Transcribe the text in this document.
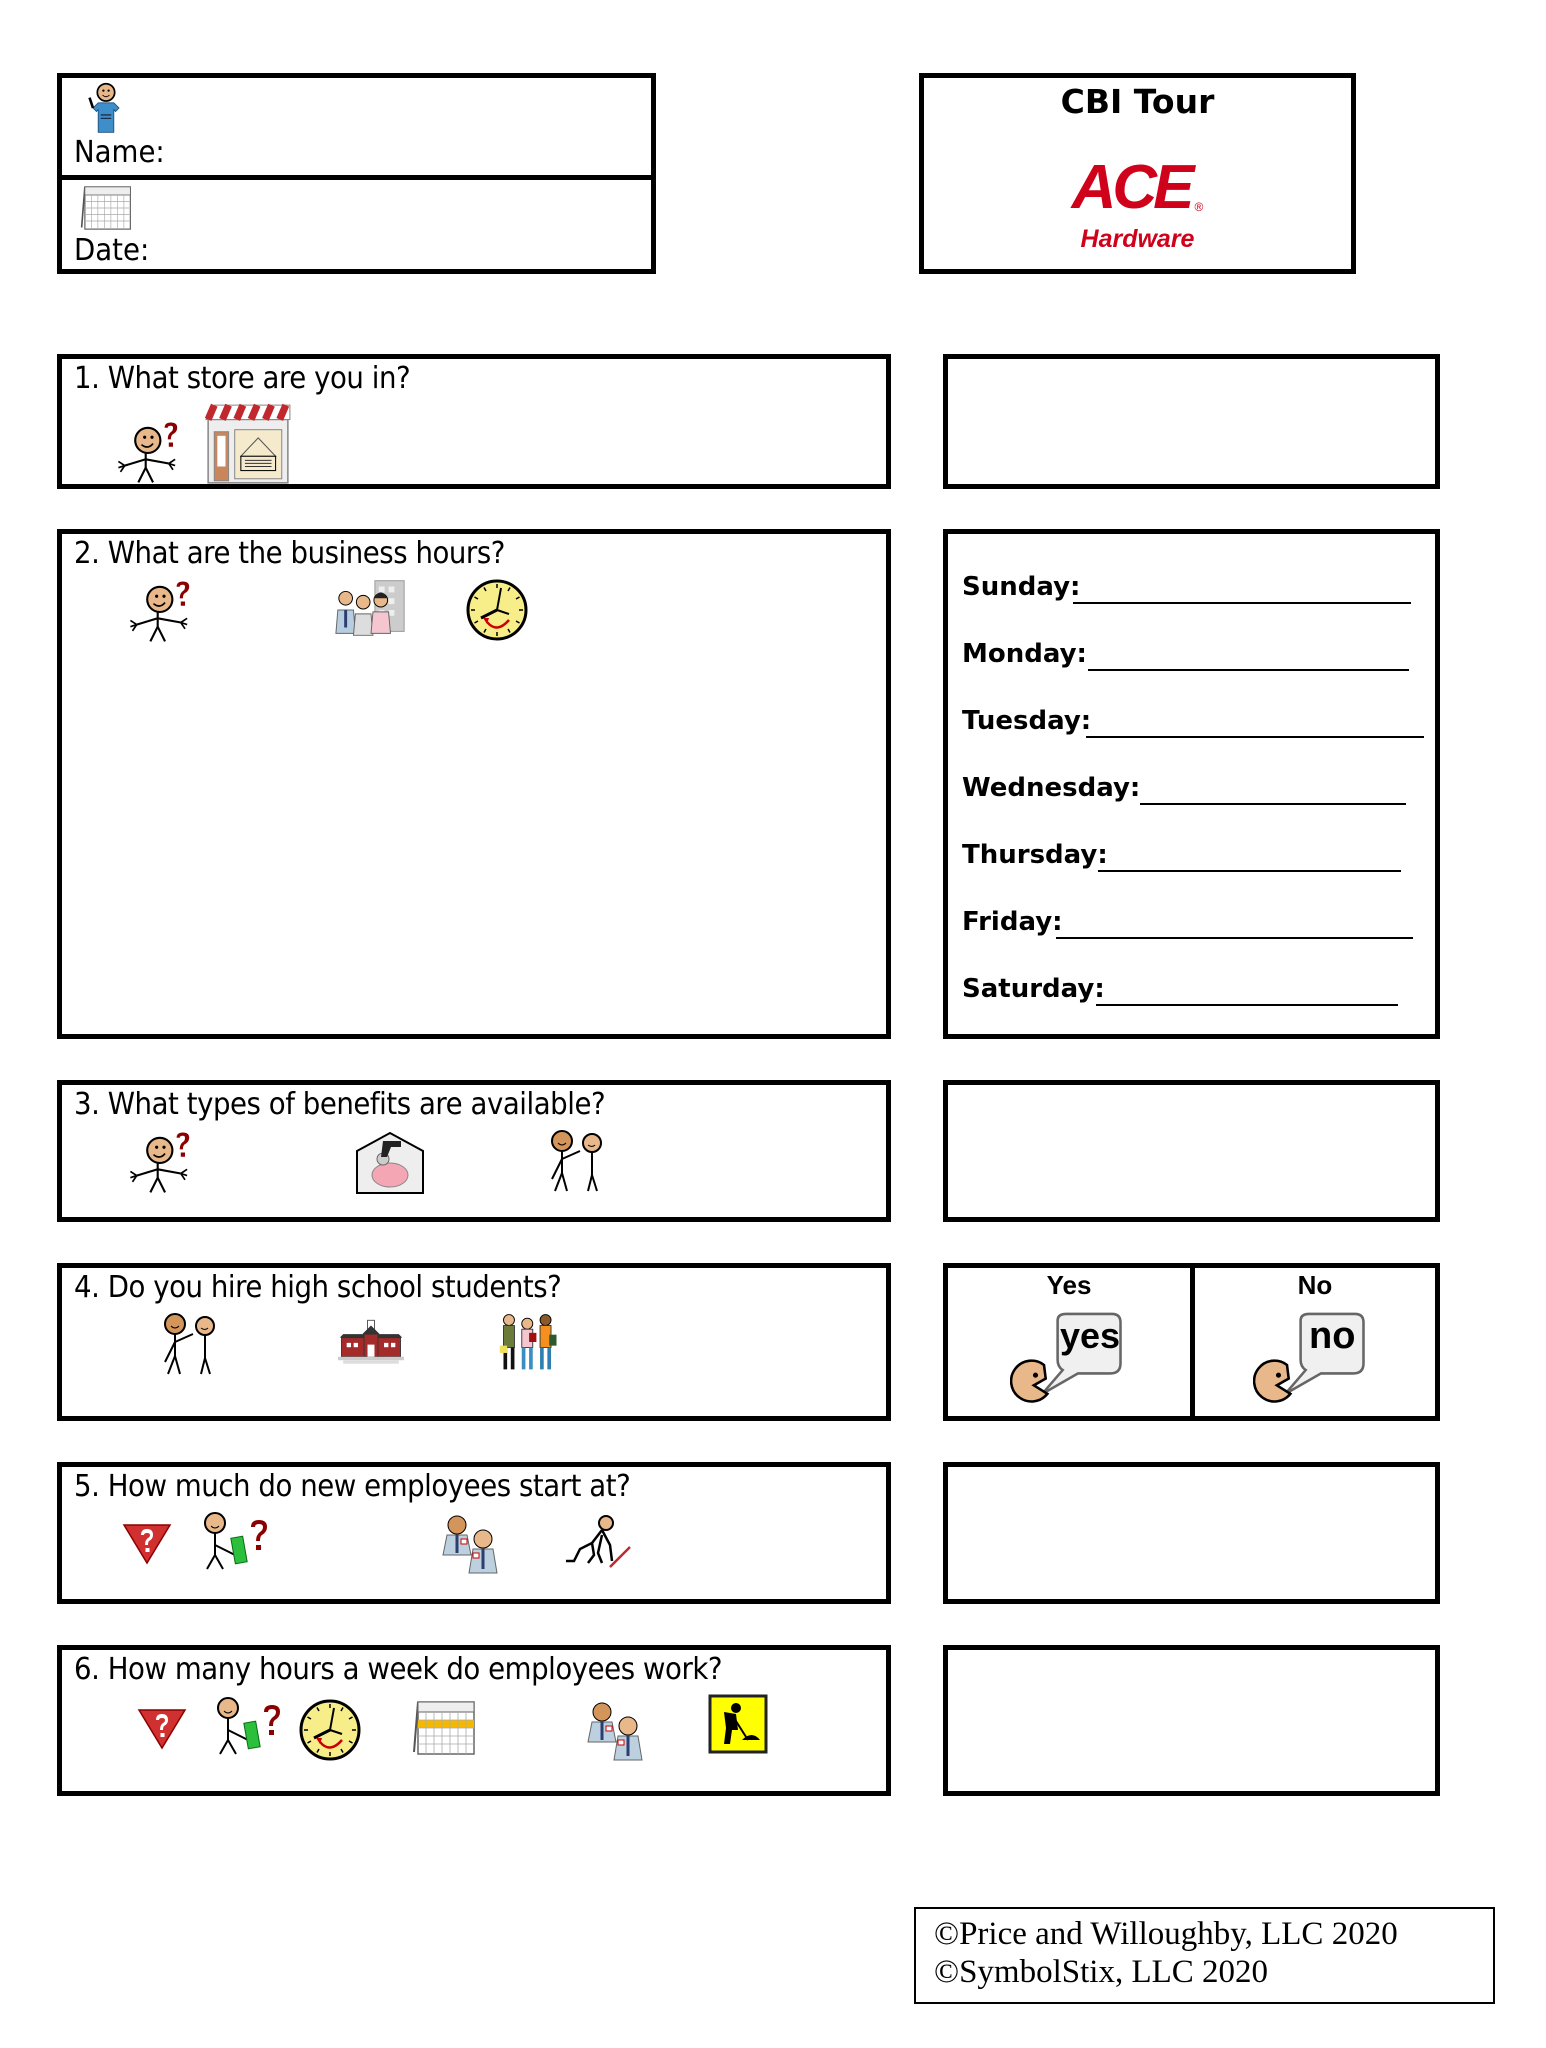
Name:
Date:
CBI Tour
ACE ®
Hardware
1. What store are you in?
2. What are the business hours?
Sunday:
Monday:
Tuesday:
Wednesday:
Thursday:
Friday:
Saturday:
3. What types of benefits are available?
4. Do you hire high school students?	Yes
yes
No
no
5. How much do new employees start at?
6. How many hours a week do employees work?
©Price and Willoughby, LLC 2020
©SymbolStix, LLC 2020
